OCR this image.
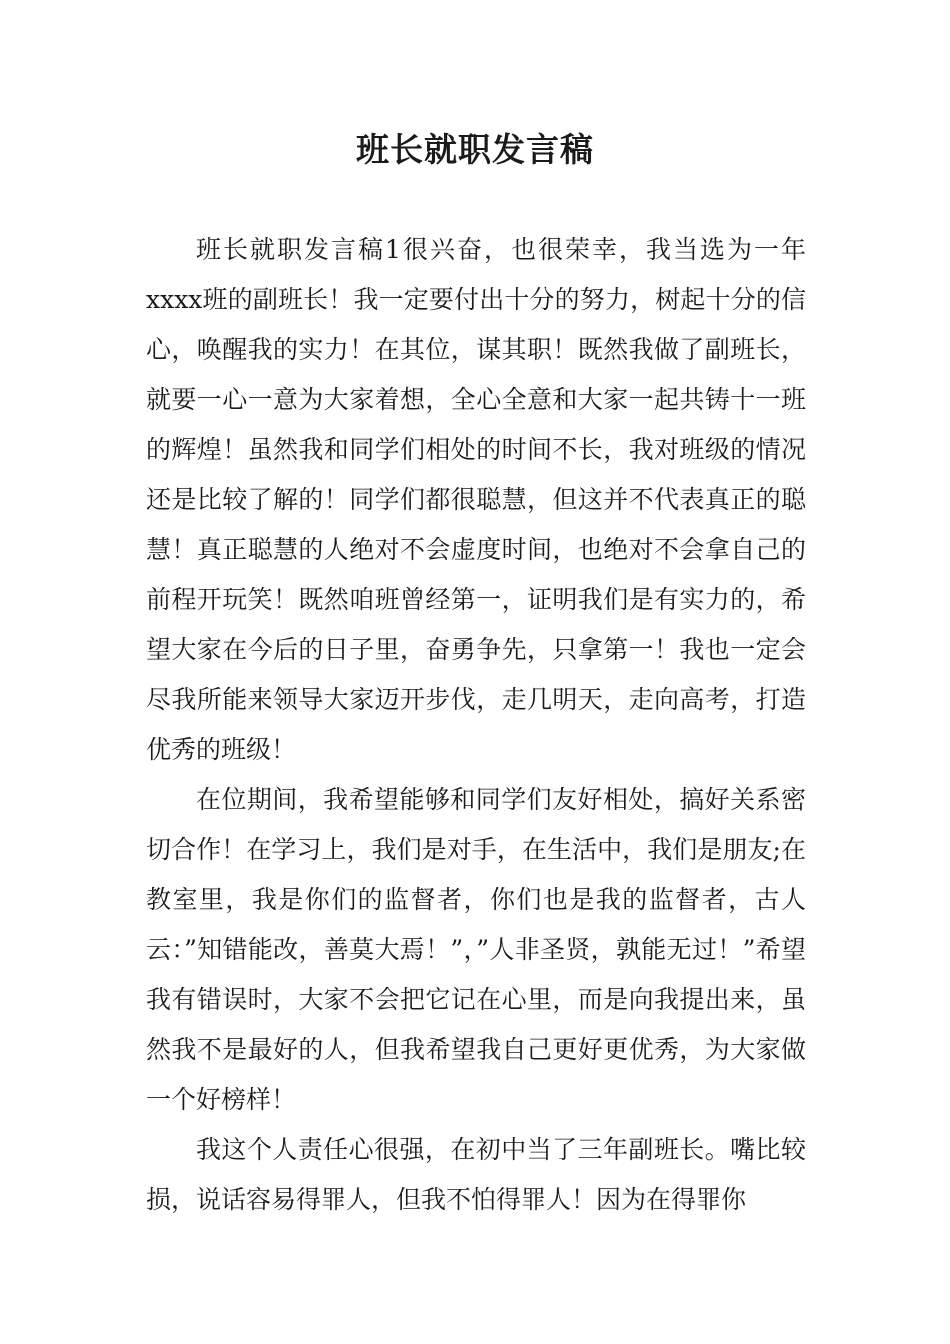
班长就职发言稿

班长就职发言稿1很兴奋，也很荣幸，我当选为一年xxxx班的副班长！我一定要付出十分的努力，树起十分的信心，唤醒我的实力！在其位，谋其职！既然我做了副班长，就要一心一意为大家着想，全心全意和大家一起共铸十一班的辉煌！虽然我和同学们相处的时间不长，我对班级的情况还是比较了解的！同学们都很聪慧，但这并不代表真正的聪慧！真正聪慧的人绝对不会虚度时间，也绝对不会拿自己的前程开玩笑！既然咱班曾经第一，证明我们是有实力的，希望大家在今后的日子里，奋勇争先，只拿第一！我也一定会尽我所能来领导大家迈开步伐，走几明天，走向高考，打造优秀的班级！

在位期间，我希望能够和同学们友好相处，搞好关系密切合作！在学习上，我们是对手，在生活中，我们是朋友;在教室里，我是你们的监督者，你们也是我的监督者，古人云：”知错能改，善莫大焉！”，”人非圣贤，孰能无过！”希望我有错误时，大家不会把它记在心里，而是向我提出来，虽然我不是最好的人，但我希望我自己更好更优秀，为大家做一个好榜样！

我这个人责任心很强，在初中当了三年副班长。嘴比较损，说话容易得罪人，但我不怕得罪人！因为在得罪你
